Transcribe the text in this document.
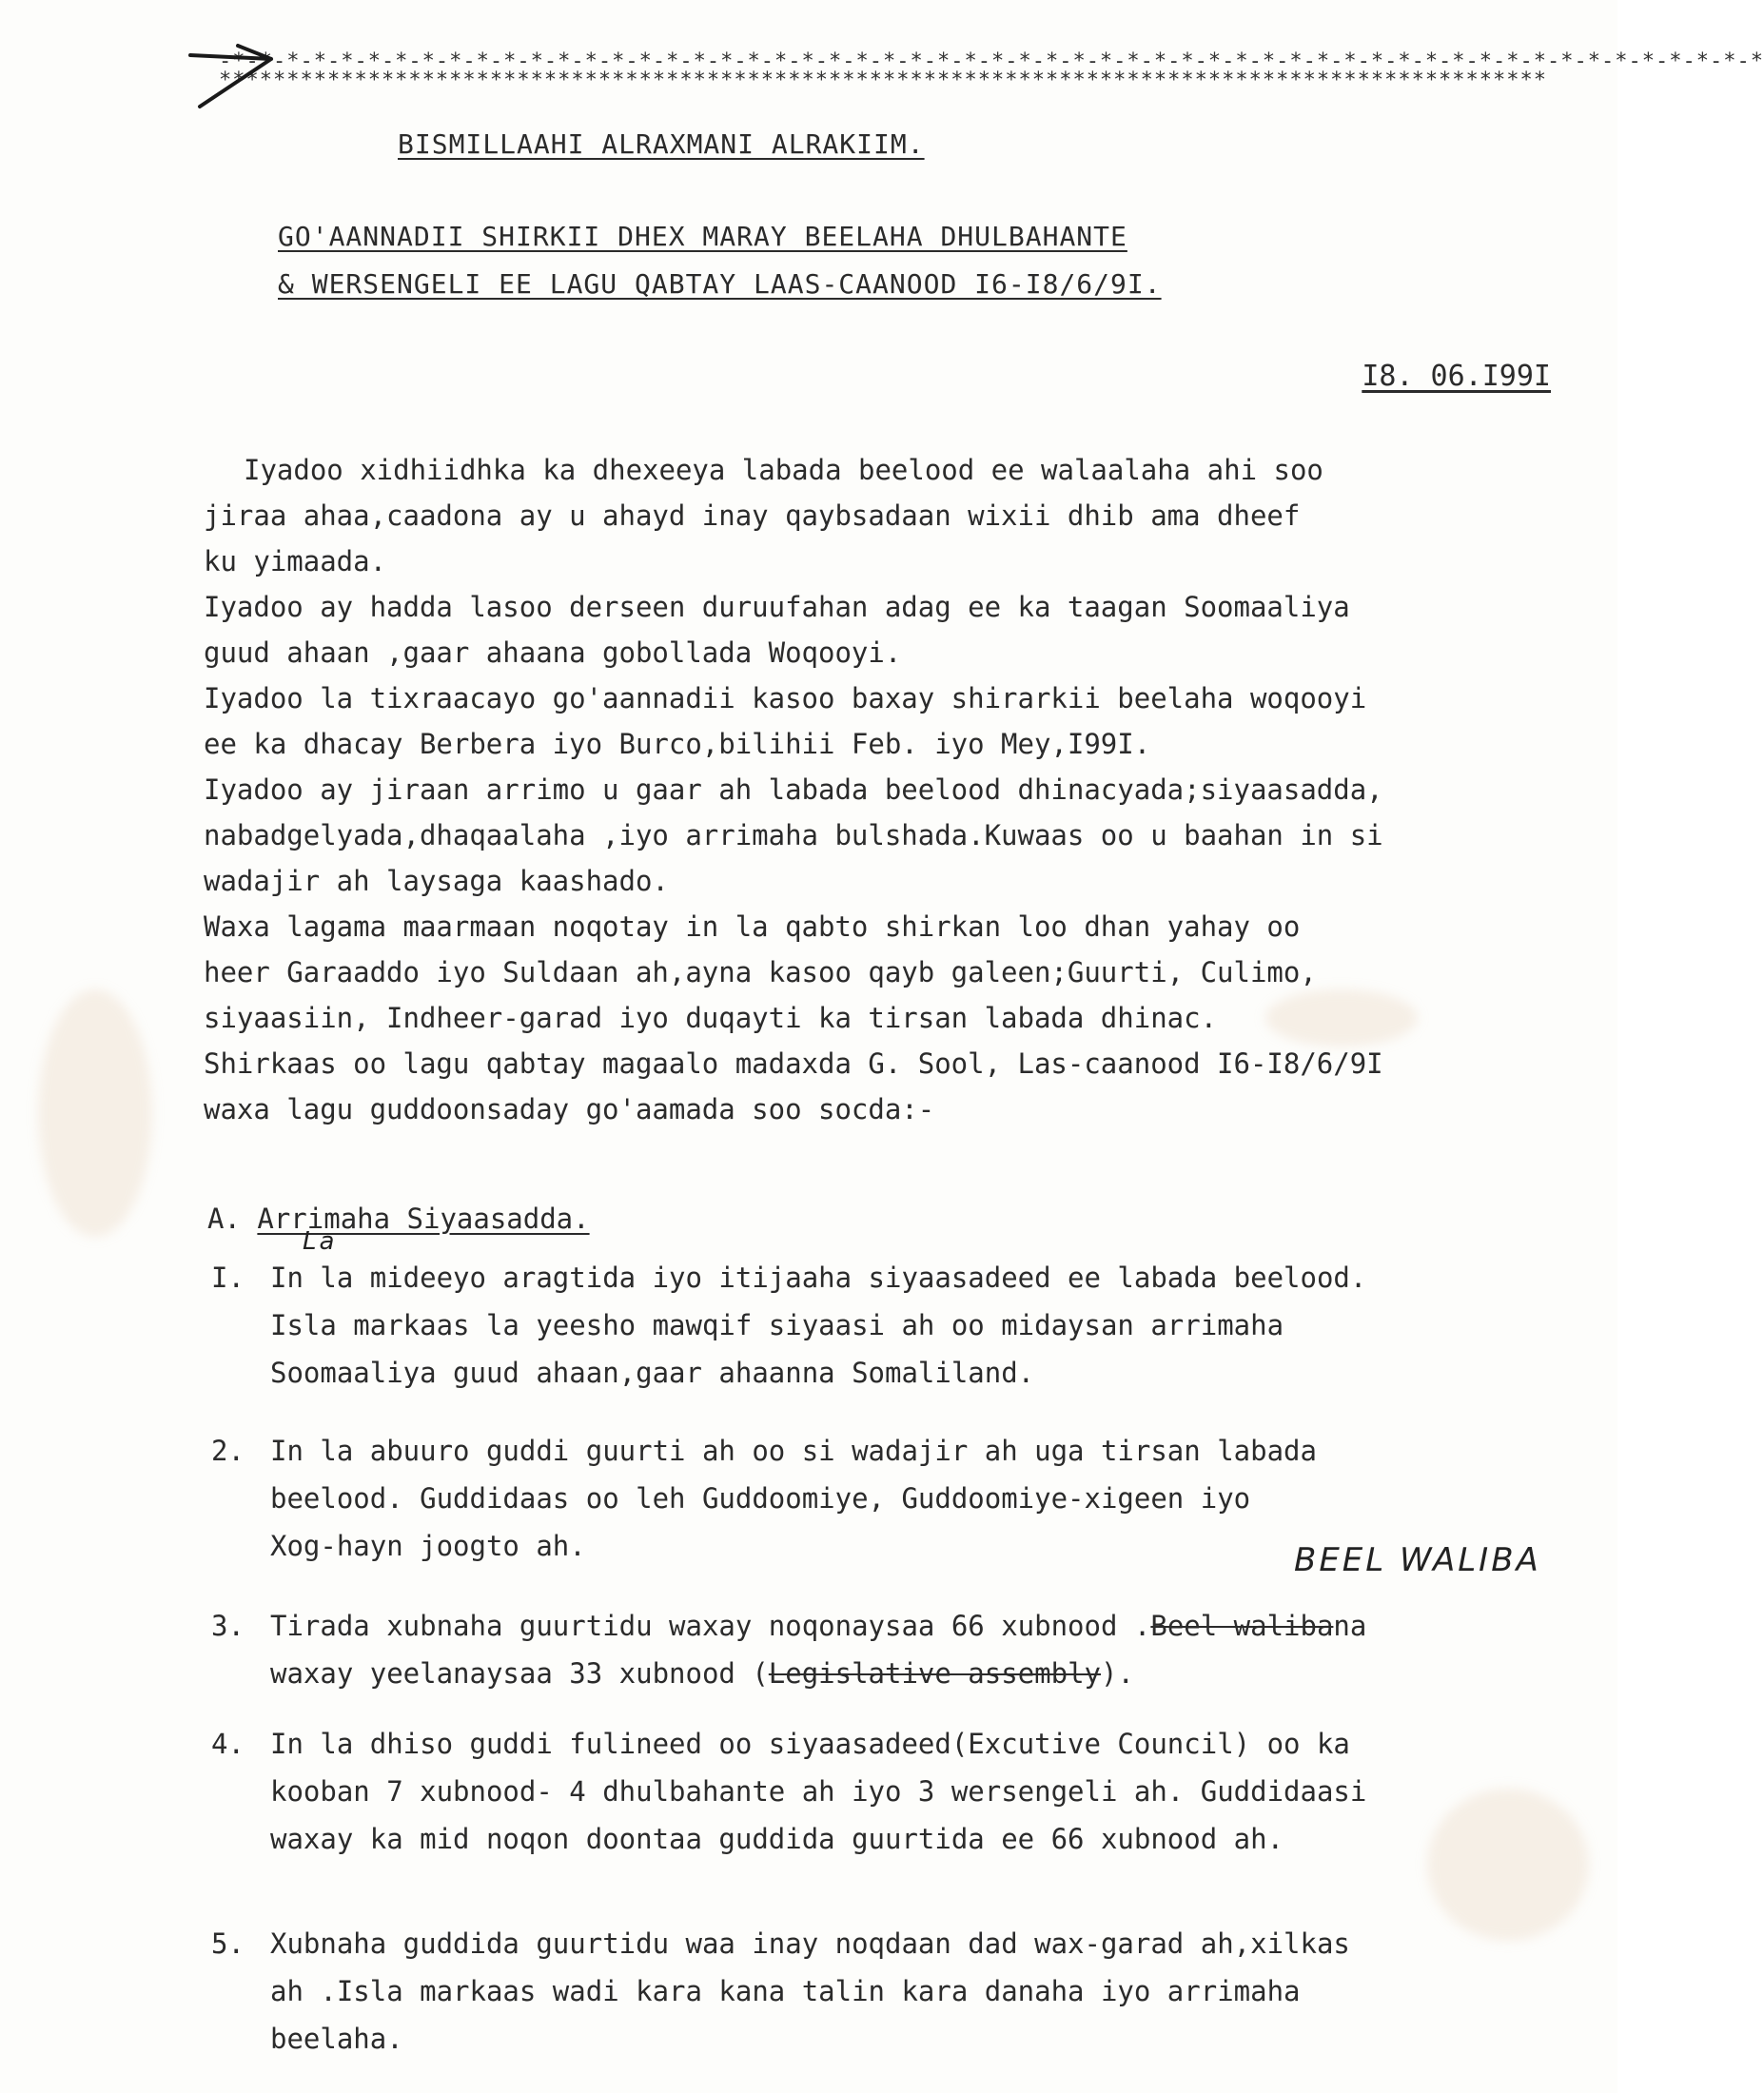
-*-*-*-*-*-*-*-*-*-*-*-*-*-*-*-*-*-*-*-*-*-*-*-*-*-*-*-*-*-*-*-*-*-*-*-*-*-*-*-*-*-*-*-*-*-*-*-*-*-*-*-*-*-*-*-*-*
**************************************************************************************************
BISMILLAAHI ALRAXMANI ALRAKIIM.
GO'AANNADII SHIRKII DHEX MARAY BEELAHA DHULBAHANTE
& WERSENGELI EE LAGU QABTAY LAAS-CAANOOD I6-I8/6/9I.
I8. 06.I99I

Iyadoo xidhiidhka ka dhexeeya labada beelood ee walaalaha ahi soo
jiraa ahaa,caadona ay u ahayd inay qaybsadaan wixii dhib ama dheef
ku yimaada.

Iyadoo ay hadda lasoo derseen duruufahan adag ee ka taagan Soomaaliya
guud ahaan ,gaar ahaana gobollada Woqooyi.

Iyadoo la tixraacayo go'aannadii kasoo baxay shirarkii beelaha woqooyi
ee ka dhacay Berbera iyo Burco,bilihii Feb. iyo Mey,I99I.

Iyadoo ay jiraan arrimo u gaar ah labada beelood dhinacyada;siyaasadda,
nabadgelyada,dhaqaalaha ,iyo arrimaha bulshada.Kuwaas oo u baahan in si
wadajir ah laysaga kaashado.

Waxa lagama maarmaan noqotay in la qabto shirkan loo dhan yahay oo
heer Garaaddo iyo Suldaan ah,ayna kasoo qayb galeen;Guurti, Culimo,
siyaasiin, Indheer-garad iyo duqayti ka tirsan labada dhinac.
Shirkaas oo lagu qabtay magaalo madaxda G. Sool, Las-caanood I6-I8/6/9I
waxa lagu guddoonsaday go'aamada soo socda:-

A. Arrimaha Siyaasadda.
La
I. In la midеeyo aragtida iyo itijaaha siyaasadeed ee labada beelood.
Isla markaas la yeesho mawqif siyaasi ah oo midaysan arrimaha
Soomaaliya guud ahaan,gaar ahaanna Somaliland.
2. In la abuuro guddi guurti ah oo si wadajir ah uga tirsan labada
beelood. Guddidaas oo leh Guddoomiye, Guddoomiye-xigeen iyo
Xog-hayn joogto ah.	BEEL WALIBA
3. Tirada xubnaha guurtidu waxay noqonaysaa 66 xubnood .Beel walibana
waxay yeelanaysaa 33 xubnood (Legislative assembly).
4. In la dhiso guddi fulineed oo siyaasadeed(Excutive Council) oo ka
kooban 7 xubnood- 4 dhulbahante ah iyo 3 wersengeli ah. Guddidaasi
waxay ka mid noqon doontaa guddida guurtida ee 66 xubnood ah.
5. Xubnaha guddida guurtidu waa inay noqdaan dad wax-garad ah,xilkas
ah .Isla markaas wadi kara kana talin kara danaha iyo arrimaha
beelaha.
